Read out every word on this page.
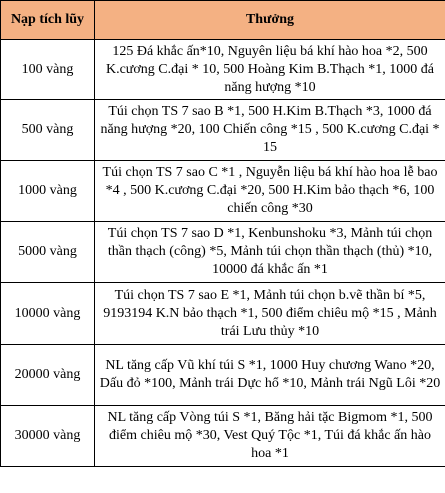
Nạp tích lũy	Thưởng
100 vàng	125 Đá khắc ấn*10, Nguyên liệu bá khí hào hoa *2, 500 K.cương C.đại * 10, 500 Hoàng Kim B.Thạch *1, 1000 đá năng hượng *10
500 vàng	Túi chọn TS 7 sao B *1, 500 H.Kim B.Thạch *3, 1000 đá năng hượng *20, 100 Chiến công *15 , 500 K.cương C.đại * 15
1000 vàng	Túi chọn TS 7 sao C *1 , Nguyễn liệu bá khí hào hoa lễ bao *4 , 500 K.cương C.đại *20, 500 H.Kim bảo thạch *6, 100 chiến công *30
5000 vàng	Túi chọn TS 7 sao D *1, Kenbunshoku *3, Mảnh túi chọn thần thạch (công) *5, Mảnh túi chọn thần thạch (thủ) *10, 10000 đá khắc ấn *1
10000 vàng	Túi chọn TS 7 sao E *1, Mảnh túi chọn b.vẽ thần bí *5, 9193194 K.N bảo thạch *1, 500 điểm chiêu mộ *15 , Mảnh trái Lưu thủy *10
20000 vàng	NL tăng cấp Vũ khí túi S *1, 1000 Huy chương Wano *20, Dấu đỏ *100, Mảnh trái Dực hổ *10, Mảnh trái Ngũ Lôi *20
30000 vàng	NL tăng cấp Vòng túi S *1, Băng hải tặc Bigmom *1, 500 điểm chiêu mộ *30, Vest Quý Tộc *1, Túi đá khắc ấn hào hoa *1
